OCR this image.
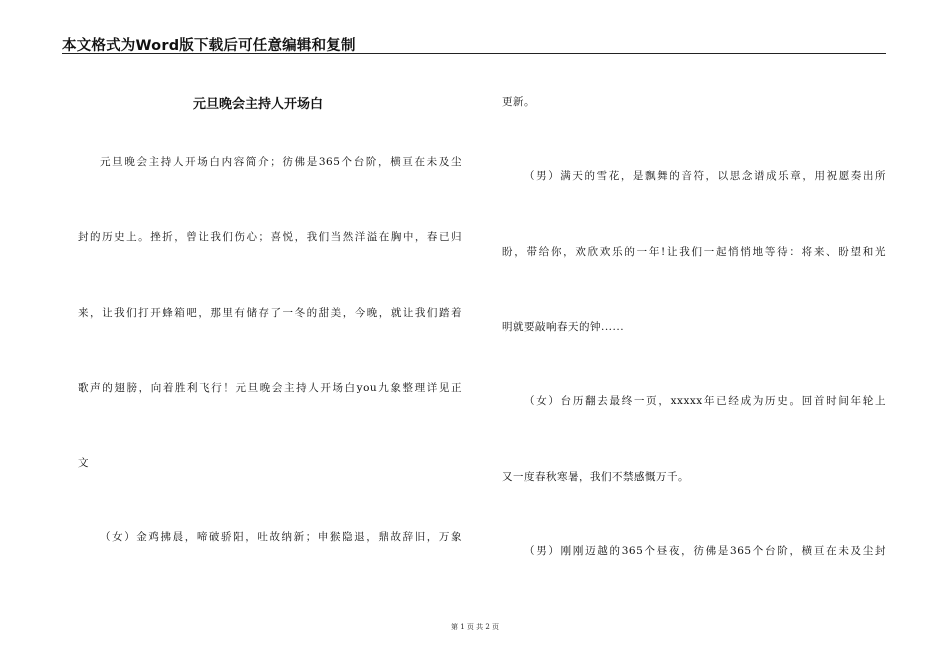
本文格式为Word版下载后可任意编辑和复制
元旦晚会主持人开场白
元旦晚会主持人开场白内容简介；彷佛是365个台阶，横亘在未及尘
封的历史上。挫折，曾让我们伤心；喜悦，我们当然洋溢在胸中，春已归
来，让我们打开蜂箱吧，那里有储存了一冬的甜美，今晚，就让我们踏着
歌声的翅膀，向着胜利飞行！元旦晚会主持人开场白you九象整理详见正
文
（女）金鸡拂晨，啼破骄阳，吐故纳新；申猴隐退，鼎故辞旧，万象
更新。
（男）满天的雪花，是飘舞的音符，以思念谱成乐章，用祝愿奏出所
盼，带给你，欢欣欢乐的一年!让我们一起悄悄地等待：将来、盼望和光
明就要敲响春天的钟......
（女）台历翻去最终一页，xxxxx年已经成为历史。回首时间年轮上
又一度春秋寒暑，我们不禁感慨万千。
（男）刚刚迈越的365个昼夜，彷佛是365个台阶，横亘在未及尘封
第 1 页 共 2 页
